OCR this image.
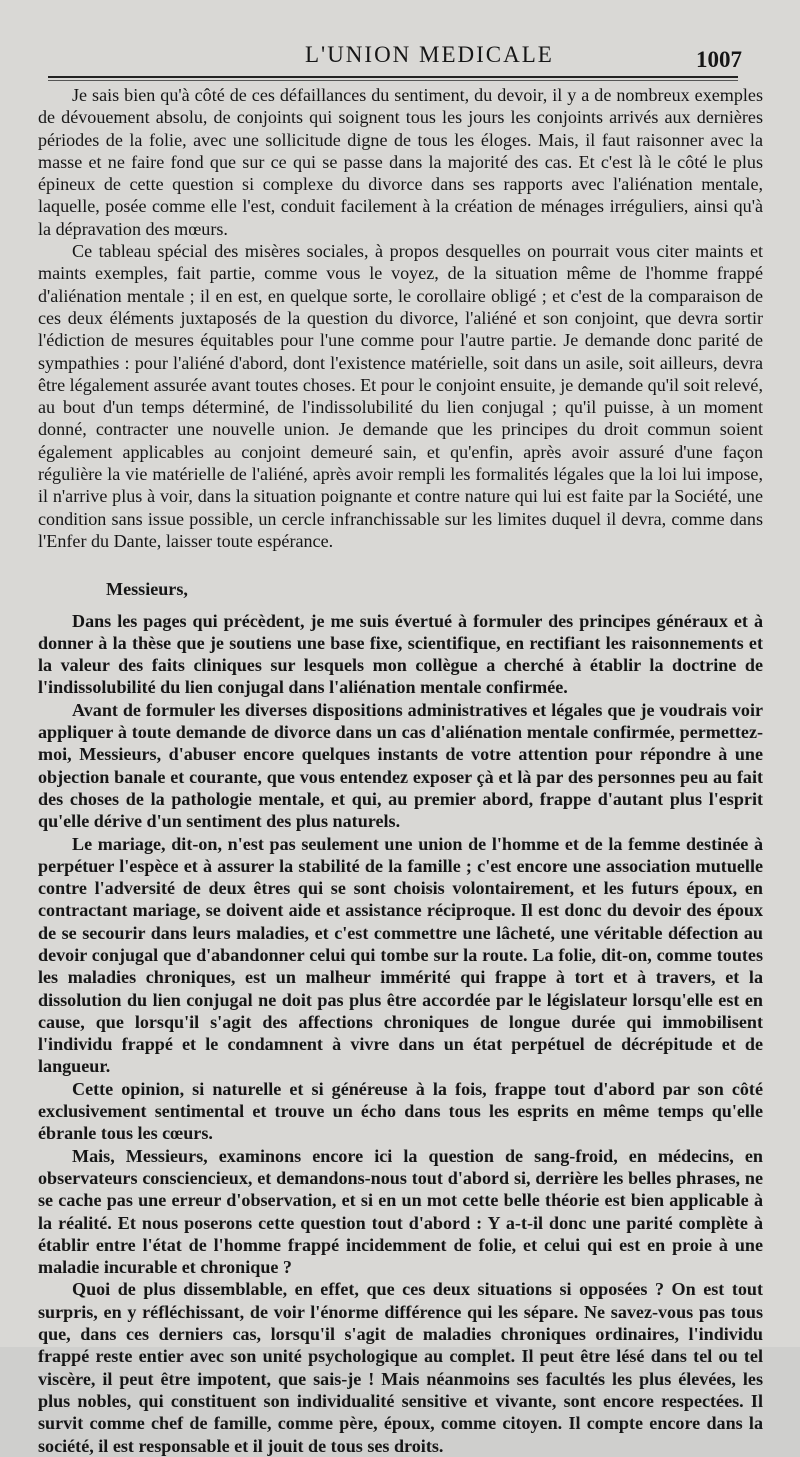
L'UNION MEDICALE	1007

Je sais bien qu'à côté de ces défaillances du sentiment, du devoir, il y a de nombreux exemples de dévouement absolu, de conjoints qui soignent tous les jours les conjoints arrivés aux dernières périodes de la folie, avec une sollicitude digne de tous les éloges. Mais, il faut raisonner avec la masse et ne faire fond que sur ce qui se passe dans la majorité des cas. Et c'est là le côté le plus épineux de cette question si complexe du divorce dans ses rapports avec l'aliénation mentale, laquelle, posée comme elle l'est, conduit facilement à la création de ménages irréguliers, ainsi qu'à la dépravation des mœurs.

Ce tableau spécial des misères sociales, à propos desquelles on pourrait vous citer maints et maints exemples, fait partie, comme vous le voyez, de la situation même de l'homme frappé d'aliénation mentale ; il en est, en quelque sorte, le corollaire obligé ; et c'est de la comparaison de ces deux éléments juxtaposés de la question du divorce, l'aliéné et son conjoint, que devra sortir l'édiction de mesures équitables pour l'une comme pour l'autre partie. Je demande donc parité de sympathies : pour l'aliéné d'abord, dont l'existence matérielle, soit dans un asile, soit ailleurs, devra être légalement assurée avant toutes choses. Et pour le conjoint ensuite, je demande qu'il soit relevé, au bout d'un temps déterminé, de l'indissolubilité du lien conjugal ; qu'il puisse, à un moment donné, contracter une nouvelle union. Je demande que les principes du droit commun soient également applicables au conjoint demeuré sain, et qu'enfin, après avoir assuré d'une façon régulière la vie matérielle de l'aliéné, après avoir rempli les formalités légales que la loi lui impose, il n'arrive plus à voir, dans la situation poignante et contre nature qui lui est faite par la Société, une condition sans issue possible, un cercle infranchissable sur les limites duquel il devra, comme dans l'Enfer du Dante, laisser toute espérance.

Messieurs,

Dans les pages qui précèdent, je me suis évertué à formuler des principes généraux et à donner à la thèse que je soutiens une base fixe, scientifique, en rectifiant les raisonnements et la valeur des faits cliniques sur lesquels mon collègue a cherché à établir la doctrine de l'indissolubilité du lien conjugal dans l'aliénation mentale confirmée.

Avant de formuler les diverses dispositions administratives et légales que je voudrais voir appliquer à toute demande de divorce dans un cas d'aliénation mentale confirmée, permettez-moi, Messieurs, d'abuser encore quelques instants de votre attention pour répondre à une objection banale et courante, que vous entendez exposer çà et là par des personnes peu au fait des choses de la pathologie mentale, et qui, au premier abord, frappe d'autant plus l'esprit qu'elle dérive d'un sentiment des plus naturels.

Le mariage, dit-on, n'est pas seulement une union de l'homme et de la femme destinée à perpétuer l'espèce et à assurer la stabilité de la famille ; c'est encore une association mutuelle contre l'adversité de deux êtres qui se sont choisis volontairement, et les futurs époux, en contractant mariage, se doivent aide et assistance réciproque. Il est donc du devoir des époux de se secourir dans leurs maladies, et c'est commettre une lâcheté, une véritable défection au devoir conjugal que d'abandonner celui qui tombe sur la route. La folie, dit-on, comme toutes les maladies chroniques, est un malheur immérité qui frappe à tort et à travers, et la dissolution du lien conjugal ne doit pas plus être accordée par le législateur lorsqu'elle est en cause, que lorsqu'il s'agit des affections chroniques de longue durée qui immobilisent l'individu frappé et le condamnent à vivre dans un état perpétuel de décrépitude et de langueur.

Cette opinion, si naturelle et si généreuse à la fois, frappe tout d'abord par son côté exclusivement sentimental et trouve un écho dans tous les esprits en même temps qu'elle ébranle tous les cœurs.

Mais, Messieurs, examinons encore ici la question de sang-froid, en médecins, en observateurs consciencieux, et demandons-nous tout d'abord si, derrière les belles phrases, ne se cache pas une erreur d'observation, et si en un mot cette belle théorie est bien applicable à la réalité. Et nous poserons cette question tout d'abord : Y a-t-il donc une parité complète à établir entre l'état de l'homme frappé incidemment de folie, et celui qui est en proie à une maladie incurable et chronique ?

Quoi de plus dissemblable, en effet, que ces deux situations si opposées ? On est tout surpris, en y réfléchissant, de voir l'énorme différence qui les sépare. Ne savez-vous pas tous que, dans ces derniers cas, lorsqu'il s'agit de maladies chroniques ordinaires, l'individu frappé reste entier avec son unité psychologique au complet. Il peut être lésé dans tel ou tel viscère, il peut être impotent, que sais-je ! Mais néanmoins ses facultés les plus élevées, les plus nobles, qui constituent son individualité sensitive et vivante, sont encore respectées. Il survit comme chef de famille, comme père, époux, comme citoyen. Il compte encore dans la société, il est responsable et il jouit de tous ses droits.
